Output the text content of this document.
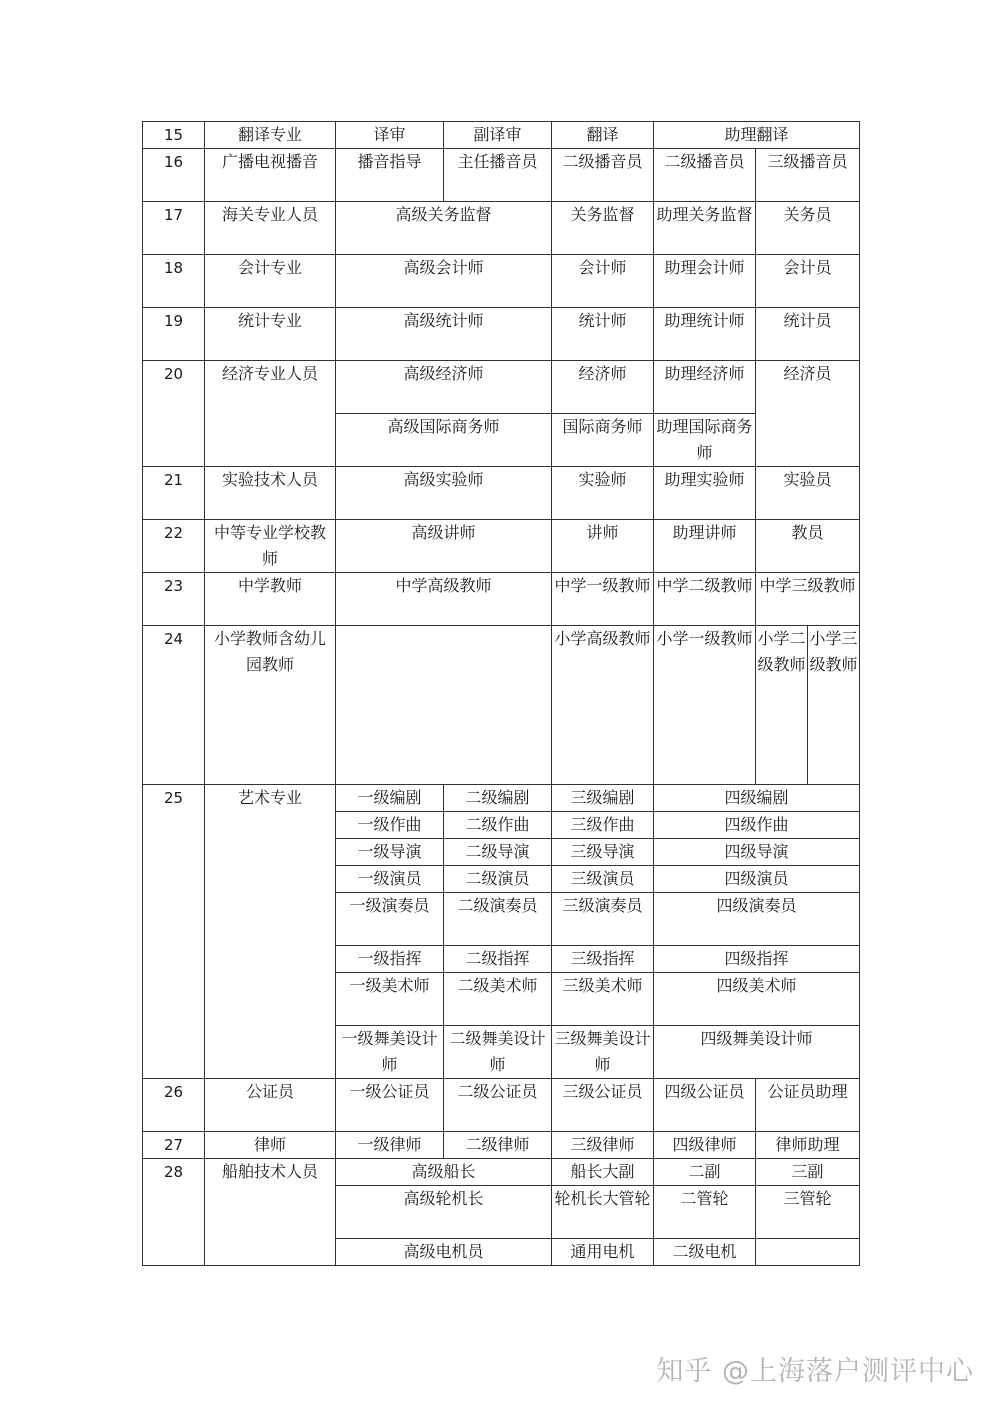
15	翻译专业	译审	副译审	翻译	助理翻译		
16	广播电视播音	播音指导	主任播音员	二级播音员	二级播音员	三级播音员	
17	海关专业人员	高级关务监督		关务监督	助理关务监督	关务员	
18	会计专业	高级会计师		会计师	助理会计师	会计员	
19	统计专业	高级统计师		统计师	助理统计师	统计员	
20	经济专业人员	高级经济师		经济师	助理经济师	经济员	
		高级国际商务师		国际商务师	助理国际商务师		
21	实验技术人员	高级实验师		实验师	助理实验师	实验员	
22	中等专业学校教师	高级讲师		讲师	助理讲师	教员	
23	中学教师	中学高级教师		中学一级教师	中学二级教师	中学三级教师	
24	小学教师含幼儿园教师			小学高级教师	小学一级教师	小学二级教师	小学三级教师
25	艺术专业	一级编剧	二级编剧	三级编剧	四级编剧		
		一级作曲	二级作曲	三级作曲	四级作曲		
		一级导演	二级导演	三级导演	四级导演		
		一级演员	二级演员	三级演员	四级演员		
		一级演奏员	二级演奏员	三级演奏员	四级演奏员		
		一级指挥	二级指挥	三级指挥	四级指挥		
		一级美术师	二级美术师	三级美术师	四级美术师		
		一级舞美设计师	二级舞美设计师	三级舞美设计师	四级舞美设计师		
26	公证员	一级公证员	二级公证员	三级公证员	四级公证员	公证员助理	
27	律师	一级律师	二级律师	三级律师	四级律师	律师助理	
28	船舶技术人员	高级船长		船长大副	二副	三副	
		高级轮机长		轮机长大管轮	二管轮	三管轮	
		高级电机员		通用电机	二级电机		
知乎 @上海落户测评中心
